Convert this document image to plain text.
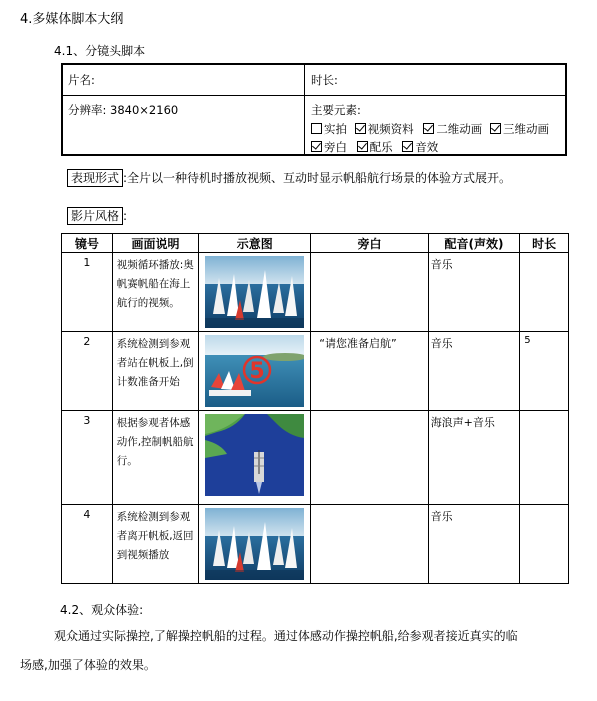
4.多媒体脚本大纲
4.1、分镜头脚本
片名:	时长:
分辨率: 3840×2160	主要元素:
实拍 视频资料 二维动画 三维动画
旁白 配乐 音效
表现形式 :全片以一种待机时播放视频、互动时显示帆船航行场景的体验方式展开。
影片风格 :
镜号	画面说明	示意图	旁白	配音(声效)	时长
1	视频循环播放:奥帆赛帆船在海上航行的视频。			音乐	
2	系统检测到参观者站在帆板上,倒计数准备开始	5	“请您准备启航”	音乐	5
3	根据参观者体感动作,控制帆船航行。			海浪声+音乐	
4	系统检测到参观者离开帆板,返回到视频播放			音乐	
4.2、观众体验:
观众通过实际操控,了解操控帆船的过程。通过体感动作操控帆船,给参观者接近真实的临
场感,加强了体验的效果。
